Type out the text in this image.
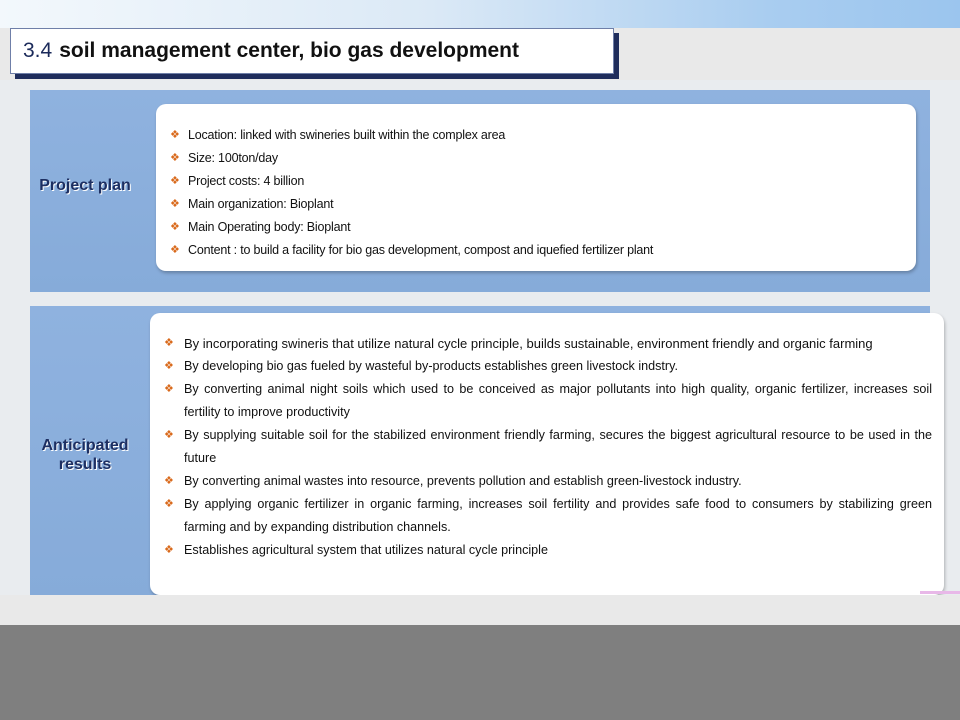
3.4 soil management center, bio gas development
Project plan
❖ Location: linked with swineries built within the complex area
❖ Size: 100ton/day
❖ Project costs: 4 billion
❖ Main organization: Bioplant
❖ Main Operating body: Bioplant
❖ Content : to build a facility for bio gas development, compost and iquefied fertilizer plant
Anticipated results
❖ By incorporating swineris that utilize natural cycle principle, builds sustainable, environment friendly and organic farming
❖ By developing bio gas fueled by wasteful by-products establishes green livestock indstry.
❖ By converting animal night soils which used to be conceived as major pollutants into high quality, organic fertilizer, increases soil fertility to improve productivity
❖ By supplying suitable soil for the stabilized environment friendly farming, secures the biggest agricultural resource to be used in the future
❖ By converting animal wastes into resource, prevents pollution and establish green-livestock industry.
❖ By applying organic fertilizer in organic farming, increases soil fertility and provides safe food to consumers by stabilizing green farming and by expanding distribution channels.
❖ Establishes agricultural system that utilizes natural cycle principle
